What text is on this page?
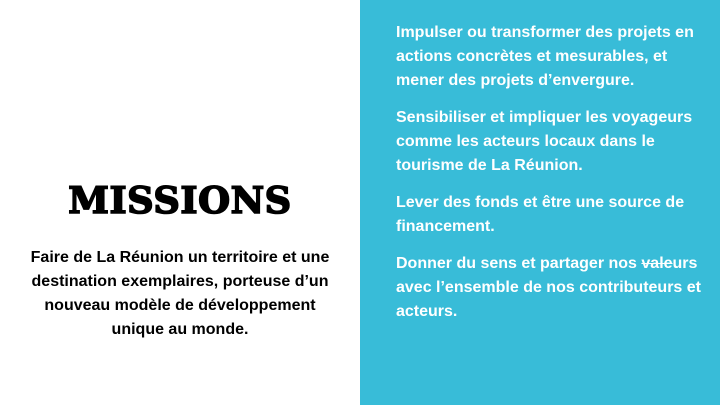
MISSIONS

Faire de La Réunion un territoire et une destination exemplaires, porteuse d’un nouveau modèle de développement unique au monde.

Impulser ou transformer des projets en actions concrètes et mesurables, et mener des projets d’envergure.
Sensibiliser et impliquer les voyageurs comme les acteurs locaux dans le tourisme de La Réunion.
Lever des fonds et être une source de financement.
Donner du sens et partager nos valeurs avec l’ensemble de nos contributeurs et acteurs.
